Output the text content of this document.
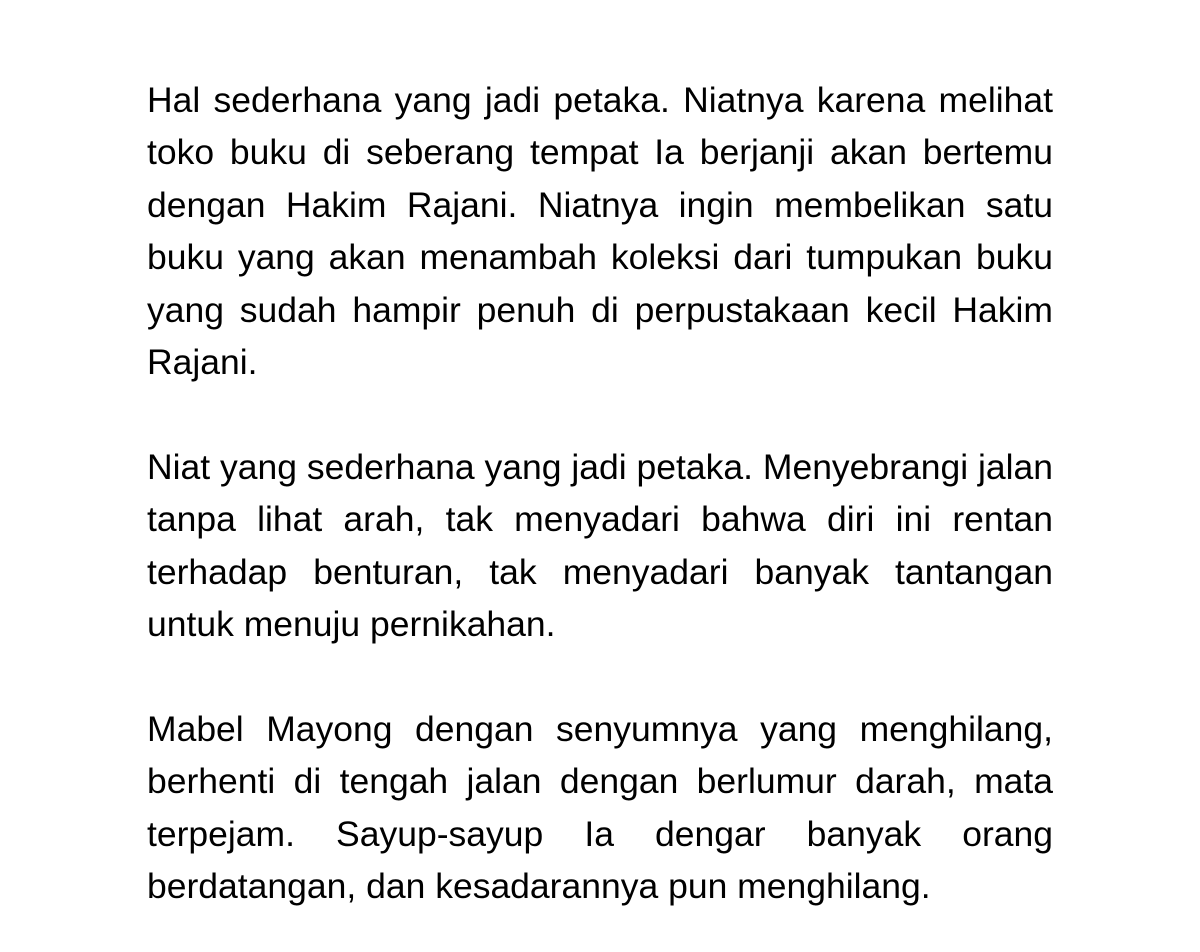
Hal sederhana yang jadi petaka. Niatnya karena melihat toko buku di seberang tempat Ia berjanji akan bertemu dengan Hakim Rajani. Niatnya ingin membelikan satu buku yang akan menambah koleksi dari tumpukan buku yang sudah hampir penuh di perpustakaan kecil Hakim Rajani.

Niat yang sederhana yang jadi petaka. Menyebrangi jalan tanpa lihat arah, tak menyadari bahwa diri ini rentan terhadap benturan, tak menyadari banyak tantangan untuk menuju pernikahan.

Mabel Mayong dengan senyumnya yang menghilang, berhenti di tengah jalan dengan berlumur darah, mata terpejam. Sayup-sayup Ia dengar banyak orang berdatangan, dan kesadarannya pun menghilang.
